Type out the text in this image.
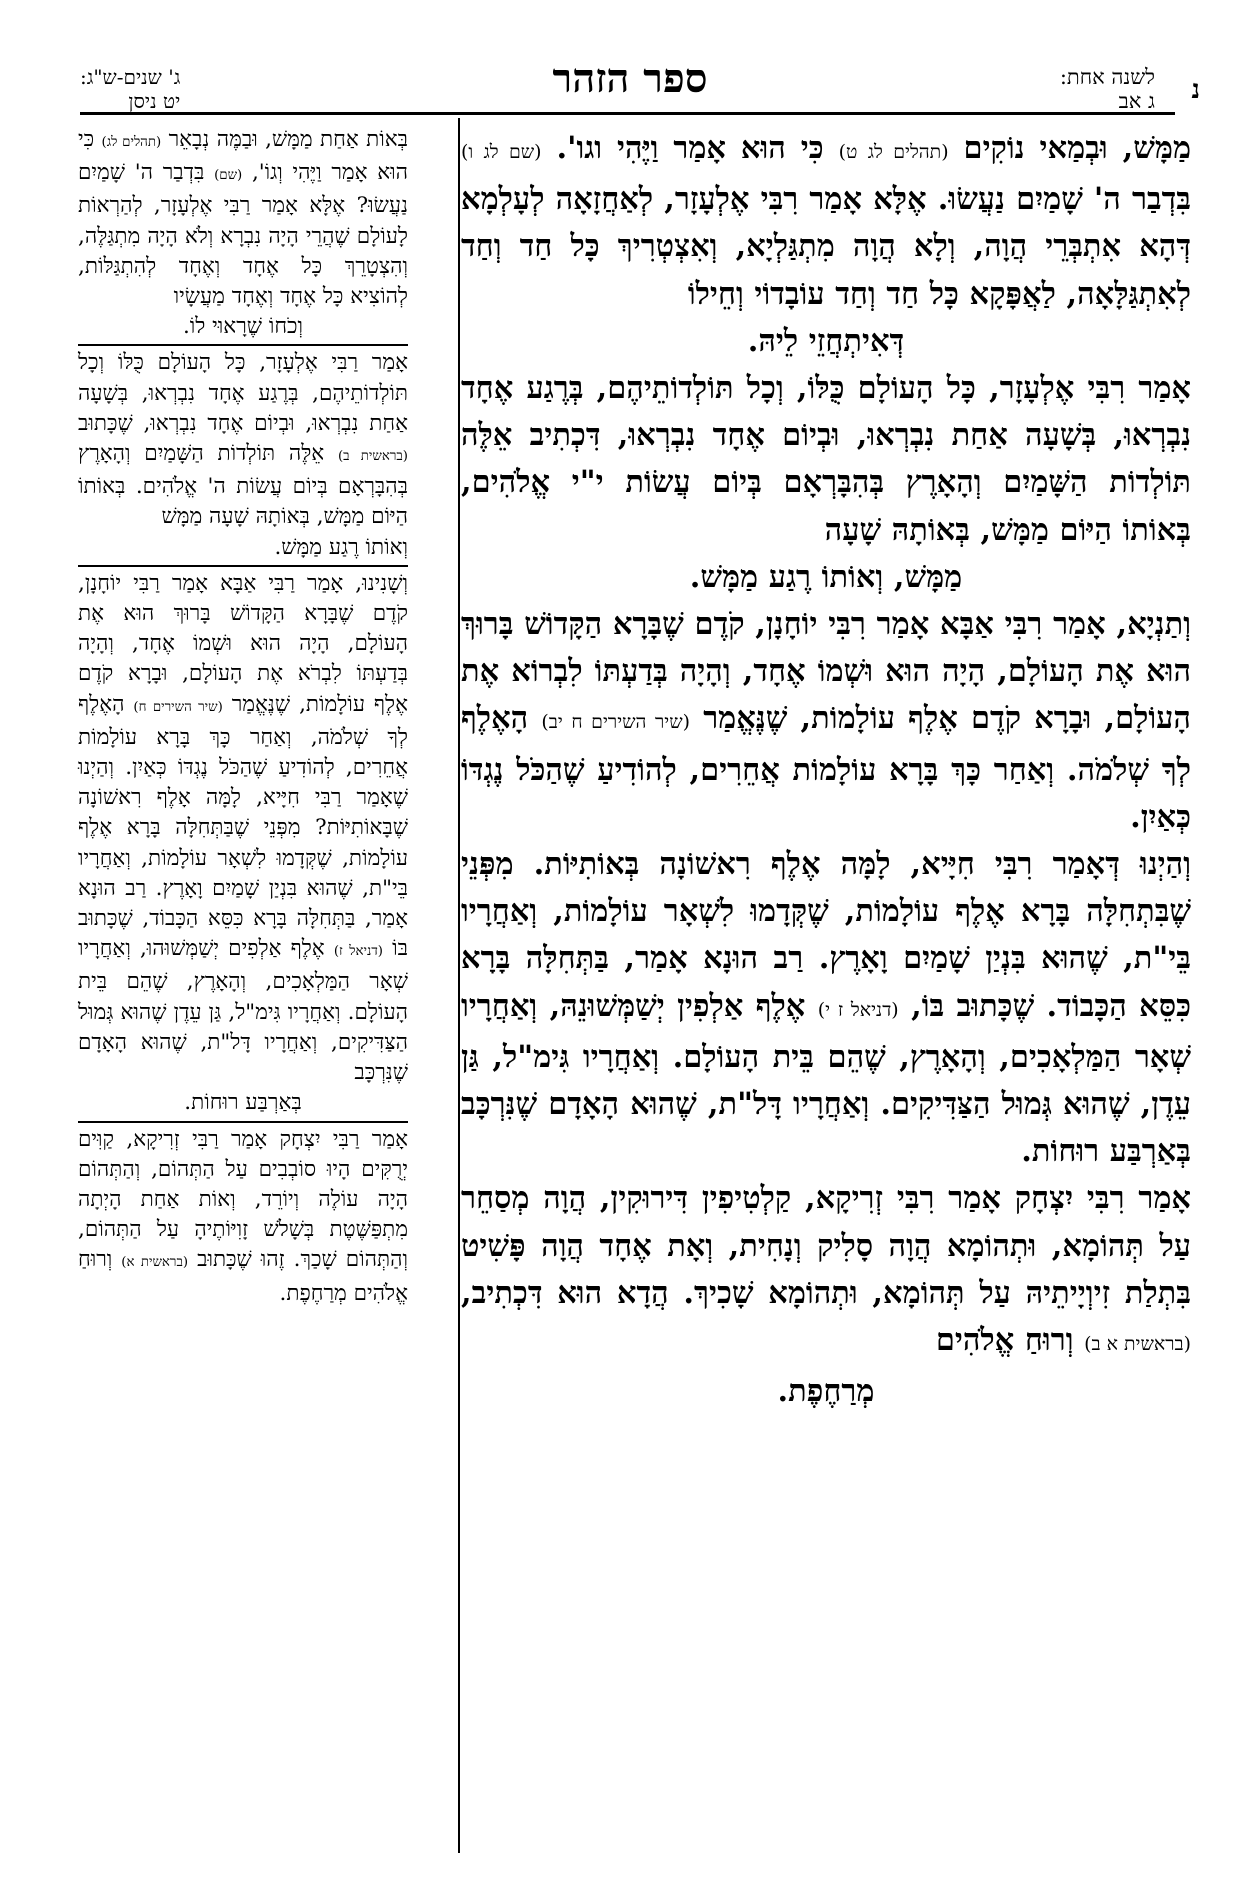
נ
לשנה אחת:
ג אב
ספר הזהר
ג' שנים-ש"ג:
יט ניסן

מַמָּשׁ, וּבְמַאי נוֹקִים (תהלים לג ט) כִּי הוּא אָמַר וַיֶּהִי וגו'. (שם לג ו) בִּדְבַר ה' שָׁמַיִם נַעֲשׂוּ. אֶלָּא אָמַר רִבִּי אֶלְעָזָר, לְאַחֲזָאָה לְעָלְמָא דְּהָא אִתְבְּרֵי הֲוָה, וְלָא הֲוָה מִתְגַּלְיָא, וְאִצְטְרִיךְ כָּל חַד וְחַד לְאִתְגַּלָּאָה, לַאֲפָּקָא כָּל חַד וְחַד עוֹבָדוֹי וְחֵילוֹ

דְּאִיתְחֲזֵי לֵיהּ.

אָמַר רִבִּי אֶלְעָזָר, כָּל הָעוֹלָם כֻּלּוֹ, וְכָל תּוֹלְדוֹתֵיהֶם, בְּרֶגַע אֶחָד נִבְרְאוּ, בְּשָׁעָה אַחַת נִבְרְאוּ, וּבְיוֹם אֶחָד נִבְרְאוּ, דִּכְתִיב אֵלֶּה תּוֹלְדוֹת הַשָּׁמַיִם וְהָאָרֶץ בְּהִבָּרְאָם בְּיוֹם עֲשׂוֹת י"י אֱלֹהִים, בְּאוֹתוֹ הַיּוֹם מַמָּשׁ, בְּאוֹתָהּ שָׁעָה

מַמָּשׁ, וְאוֹתוֹ רֶגַע מַמָּשׁ.

וְתַנְיָא, אָמַר רִבִּי אַבָּא אָמַר רִבִּי יוֹחָנָן, קֹדֶם שֶׁבָּרָא הַקָּדוֹשׁ בָּרוּךְ הוּא אֶת הָעוֹלָם, הָיָה הוּא וּשְׁמוֹ אֶחָד, וְהָיָה בְּדַעְתּוֹ לִבְרוֹא אֶת הָעוֹלָם, וּבָרָא קֹדֶם אֶלֶף עוֹלָמוֹת, שֶׁנֶּאֱמַר (שיר השירים ח יב) הָאֶלֶף לְךָ שְׁלֹמֹה. וְאַחַר כָּךְ בָּרָא עוֹלָמוֹת אֲחֵרִים, לְהוֹדִיעַ שֶׁהַכֹּל נֶגְדּוֹ כְּאַיִן.

וְהַיְנוּ דְּאָמַר רִבִּי חִיָּיא, לָמָּה אֶלֶף רִאשׁוֹנָה בְּאוֹתִיּוֹת. מִפְּנֵי שֶׁבִּתְחִלָּה בָּרָא אֶלֶף עוֹלָמוֹת, שֶׁקְּדָמוּ לִשְׁאָר עוֹלָמוֹת, וְאַחֲרָיו בֵּי"ת, שֶׁהוּא בִּנְיַן שָׁמַיִם וָאָרֶץ. רַב הוּנָא אָמַר, בַּתְּחִלָּה בָּרָא כִּסֵּא הַכָּבוֹד. שֶׁכָּתוּב בּוֹ, (דניאל ז י) אֶלֶף אַלְפִין יְשַׁמְּשׁוּנֵהּ, וְאַחֲרָיו שְׁאָר הַמַּלְאָכִים, וְהָאָרֶץ, שֶׁהֵם בֵּית הָעוֹלָם. וְאַחֲרָיו גִּימ"ל, גַּן עֵדֶן, שֶׁהוּא גְּמוּל הַצַּדִּיקִים. וְאַחֲרָיו דָּל"ת, שֶׁהוּא הָאָדָם שֶׁנִּרְכָּב בְּאַרְבַּע רוּחוֹת.

אָמַר רִבִּי יִצְחָק אָמַר רִבִּי זְרִיקָא, קַלְטִיפִין דִּירוּקִין, הֲוָה מְסַחֵר עַל תְּהוֹמָא, וּתְהוֹמָא הֲוָה סָלִיק וְנָחִית, וְאָת אֶחָד הֲוָה פָּשִׁיט בִּתְלַת זִיוְיָיתֵיהּ עַל תְּהוֹמָא, וּתְהוֹמָא שָׁכִיךְ. הֲדָא הוּא דִּכְתִיב, (בראשית א ב) וְרוּחַ אֱלֹהִים

מְרַחֶפֶת.

בְּאוֹת אַחַת מַמָּשׁ, וּבַמֶּה נְבָאֵר (תהלים לג) כִּי הוּא אָמַר וַיֶּהִי וְגוֹ', (שם) בִּדְבַר ה' שָׁמַיִם נַעֲשׂוּ? אֶלָּא אָמַר רַבִּי אֶלְעָזָר, לְהַרְאוֹת לָעוֹלָם שֶׁהֲרֵי הָיָה נִבְרָא וְלֹא הָיָה מִתְגַּלֶּה, וְהִצְטָרֵךְ כָּל אֶחָד וְאֶחָד לְהִתְגַּלּוֹת, לְהוֹצִיא כָּל אֶחָד וְאֶחָד מַעֲשָׂיו
וְכֹחוֹ שֶׁרָאוּי לוֹ.
אָמַר רַבִּי אֶלְעָזָר, כָּל הָעוֹלָם כֻּלּוֹ וְכָל תּוֹלְדוֹתֵיהֶם, בְּרֶגַע אֶחָד נִבְרְאוּ, בְּשָׁעָה אַחַת נִבְרְאוּ, וּבְיוֹם אֶחָד נִבְרְאוּ, שֶׁכָּתוּב (בראשית ב) אֵלֶּה תּוֹלְדוֹת הַשָּׁמַיִם וְהָאָרֶץ בְּהִבָּרְאָם בְּיוֹם עֲשׂוֹת ה' אֱלֹהִים. בְּאוֹתוֹ הַיּוֹם מַמָּשׁ, בְּאוֹתָהּ שָׁעָה מַמָּשׁ
וְאוֹתוֹ רֶגַע מַמָּשׁ.
וְשָׁנִינוּ, אָמַר רַבִּי אַבָּא אָמַר רַבִּי יוֹחָנָן, קֹדֶם שֶׁבָּרָא הַקָּדוֹשׁ בָּרוּךְ הוּא אֶת הָעוֹלָם, הָיָה הוּא וּשְׁמוֹ אֶחָד, וְהָיָה בְּדַעְתּוֹ לִבְרֹא אֶת הָעוֹלָם, וּבָרָא קֹדֶם אֶלֶף עוֹלָמוֹת, שֶׁנֶּאֱמַר (שיר השירים ח) הָאֶלֶף לְךָ שְׁלֹמֹה, וְאַחַר כָּךְ בָּרָא עוֹלָמוֹת אֲחֵרִים, לְהוֹדִיעַ שֶׁהַכֹּל נֶגְדּוֹ כְּאַיִן. וְהַיְנוּ שֶׁאָמַר רַבִּי חִיָּיא, לָמָּה אָלֶף רִאשׁוֹנָה שֶׁבָּאוֹתִיּוֹת? מִפְּנֵי שֶׁבַּתְּחִלָּה בָּרָא אֶלֶף עוֹלָמוֹת, שֶׁקְּדָמוּ לִשְׁאָר עוֹלָמוֹת, וְאַחֲרָיו בֵּי"ת, שֶׁהוּא בִּנְיַן שָׁמַיִם וָאָרֶץ. רַב הוּנָא אָמַר, בַּתְּחִלָּה בָּרָא כִּסֵּא הַכָּבוֹד, שֶׁכָּתוּב בּוֹ (דניאל ז) אֶלֶף אַלְפִים יְשַׁמְּשׁוּהוּ, וְאַחֲרָיו שְׁאָר הַמַּלְאָכִים, וְהָאָרֶץ, שֶׁהֵם בֵּית הָעוֹלָם. וְאַחֲרָיו גִּימ"ל, גַּן עֵדֶן שֶׁהוּא גְּמוּל הַצַּדִּיקִים, וְאַחֲרָיו דָּל"ת, שֶׁהוּא הָאָדָם שֶׁנִּרְכָּב
בְּאַרְבַּע רוּחוֹת.
אָמַר רַבִּי יִצְחָק אָמַר רַבִּי זְרִיקָא, קַוִּים יְרֻקִּים הָיוּ סוֹבְבִים עַל הַתְּהוֹם, וְהַתְּהוֹם הָיָה עוֹלֶה וְיוֹרֵד, וְאוֹת אַחַת הָיְתָה מִתְפַּשֶּׁטֶת בְּשָׁלֹשׁ זָוִיּוֹתֶיהָ עַל הַתְּהוֹם, וְהַתְּהוֹם שָׁכַךְ. זֶהוּ שֶׁכָּתוּב (בראשית א) וְרוּחַ אֱלֹהִים מְרַחֶפֶת.
